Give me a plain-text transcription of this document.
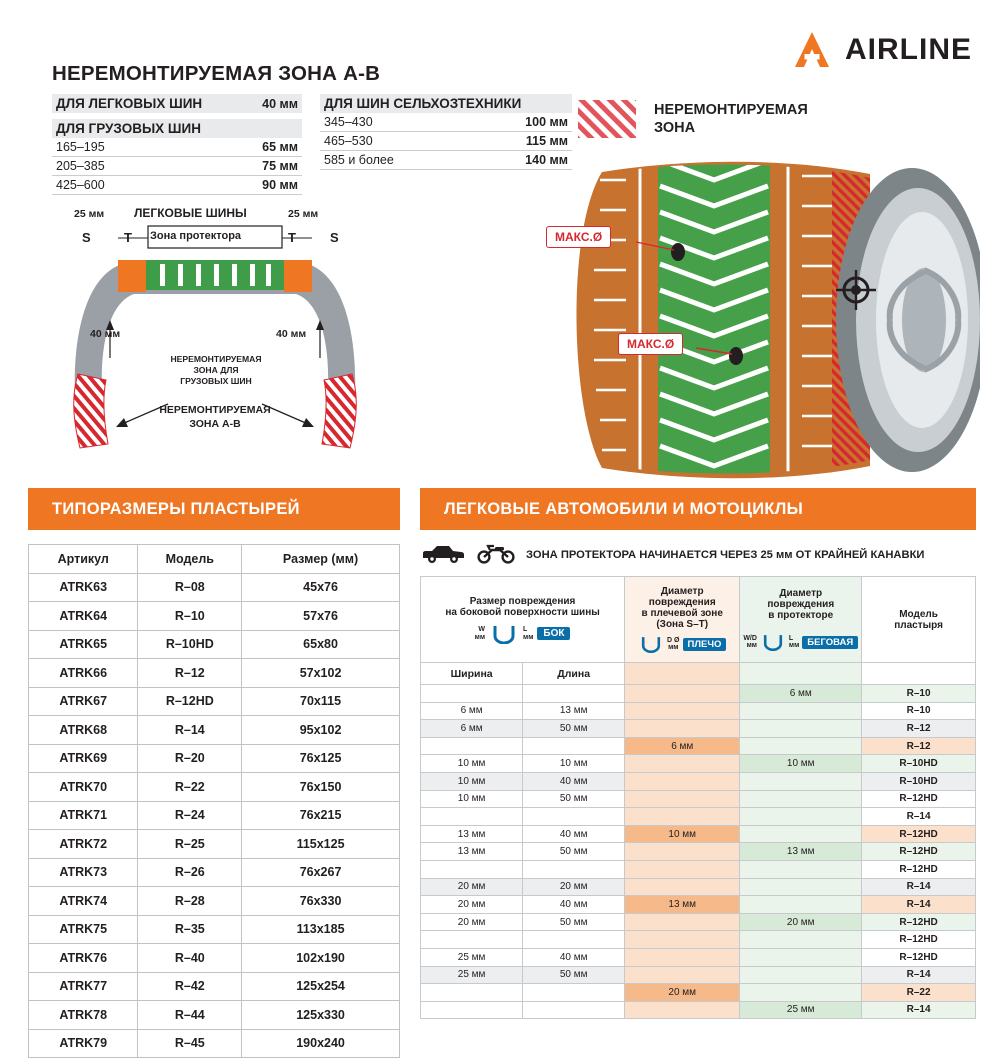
AIRLINE
НЕРЕМОНТИРУЕМАЯ ЗОНА А-В
ДЛЯ ЛЕГКОВЫХ ШИН	40 мм

ДЛЯ ГРУЗОВЫХ ШИН	
165–195	65 мм
205–385	75 мм
425–600	90 мм
ДЛЯ ШИН СЕЛЬХОЗТЕХНИКИ	
345–430	100 мм
465–530	115 мм
585 и более	140 мм
25 мм ЛЕГКОВЫЕ ШИНЫ	25 мм
Зона протектора
S	T	T	S
40 мм	40 мм
НЕРЕМОНТИРУЕМАЯ
ЗОНА ДЛЯ
ГРУЗОВЫХ ШИН
НЕРЕМОНТИРУЕМАЯ
ЗОНА А-В
НЕРЕМОНТИРУЕМАЯ
ЗОНА
МАКС.Ø
МАКС.Ø
ТИПОРАЗМЕРЫ ПЛАСТЫРЕЙ	ЛЕГКОВЫЕ АВТОМОБИЛИ И МОТОЦИКЛЫ
Артикул	Модель	Размер (мм)
ATRK63	R–08	45x76
ATRK64	R–10	57x76
ATRK65	R–10HD	65x80
ATRK66	R–12	57x102
ATRK67	R–12HD	70x115
ATRK68	R–14	95x102
ATRK69	R–20	76x125
ATRK70	R–22	76x150
ATRK71	R–24	76x215
ATRK72	R–25	115x125
ATRK73	R–26	76x267
ATRK74	R–28	76x330
ATRK75	R–35	113x185
ATRK76	R–40	102x190
ATRK77	R–42	125x254
ATRK78	R–44	125x330
ATRK79	R–45	190x240
ЗОНА ПРОТЕКТОРА НАЧИНАЕТСЯ ЧЕРЕЗ 25 мм ОТ КРАЙНЕЙ КАНАВКИ
Размер повреждения
на боковой поверхности шины
W
мм
L
мм	БОК

Диаметр
повреждения
в плечевой зоне
(Зона S–T)
D Ø
мм ПЛЕЧО

Диаметр
повреждения
в протекторе
W/D
мм
L
мм БЕГОВАЯ

Модель
пластыря

Ширина	Длина			
			6 мм	R–10
6 мм	13 мм			R–10
6 мм	50 мм			R–12
		6 мм		R–12
10 мм	10 мм		10 мм	R–10HD
10 мм	40 мм			R–10HD
10 мм	50 мм			R–12HD
				R–14
13 мм	40 мм	10 мм		R–12HD
13 мм	50 мм		13 мм	R–12HD
				R–12HD
20 мм	20 мм			R–14
20 мм	40 мм	13 мм		R–14
20 мм	50 мм		20 мм	R–12HD
				R–12HD
25 мм	40 мм			R–12HD
25 мм	50 мм			R–14
		20 мм		R–22
			25 мм	R–14
